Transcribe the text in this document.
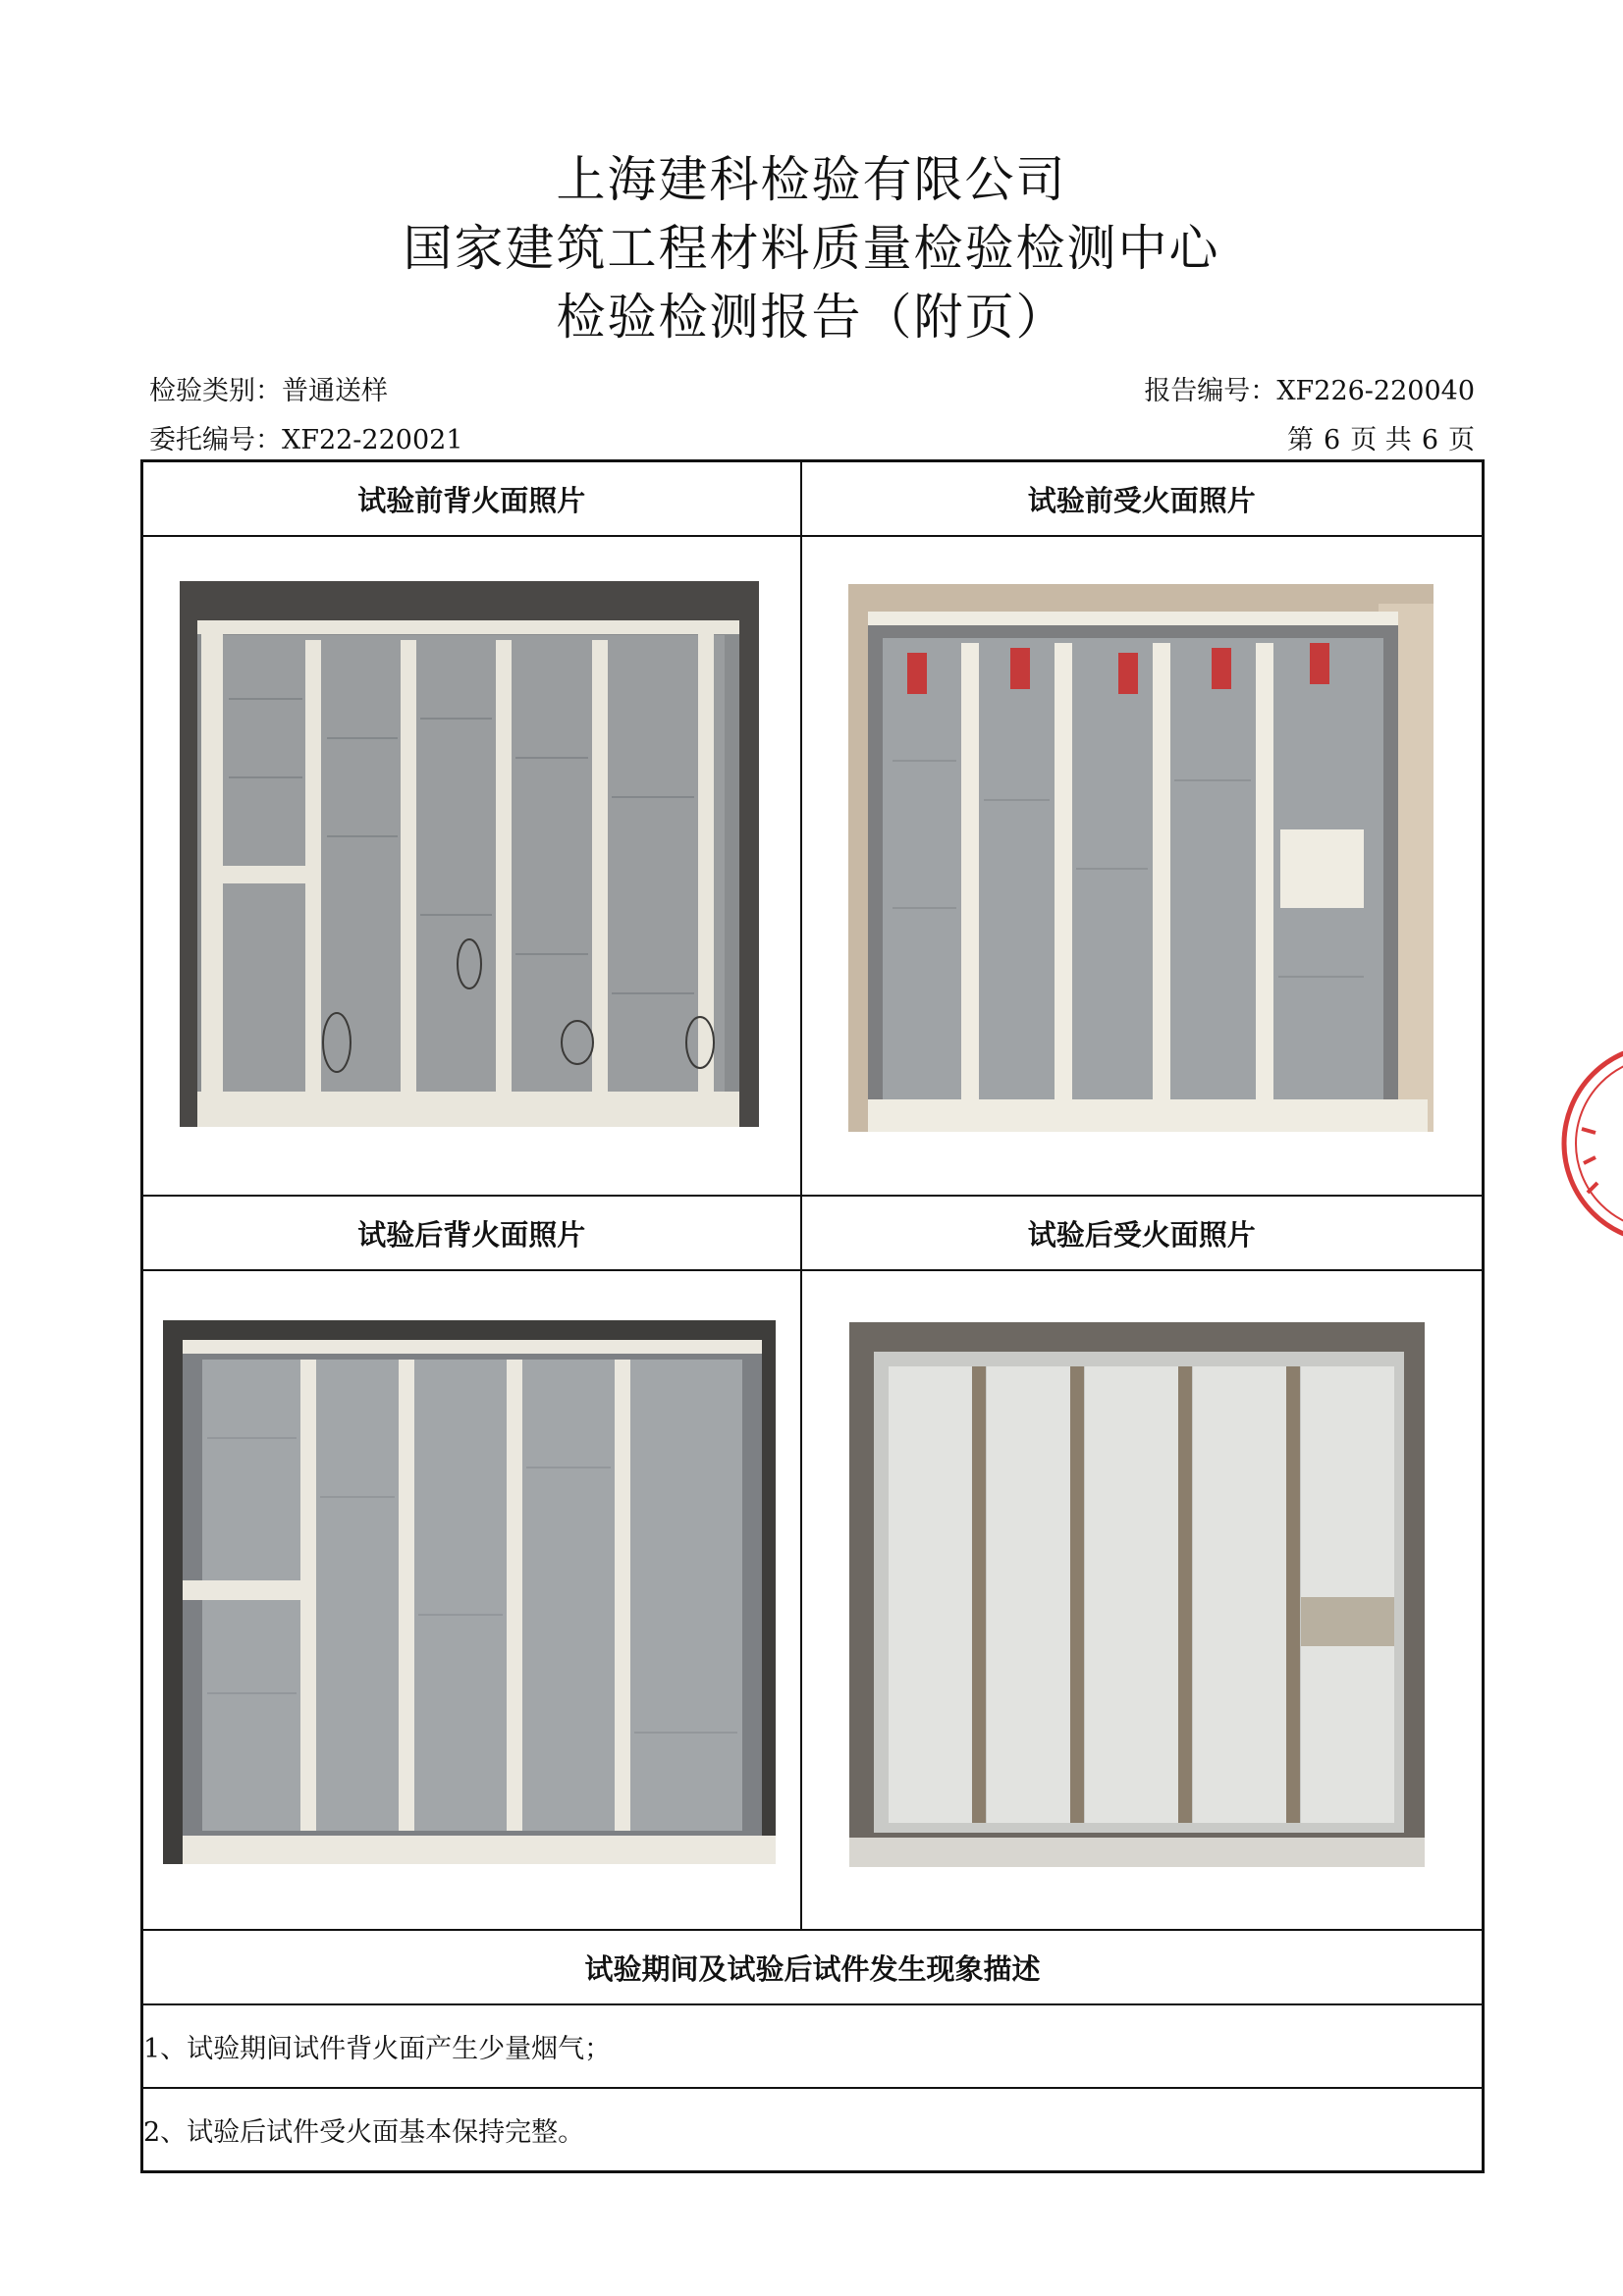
上海建科检验有限公司
国家建筑工程材料质量检验检测中心
检验检测报告（附页）
检验类别：普通送样	报告编号：XF226-220040
委托编号：XF22-220021	第 6 页 共 6 页
试验前背火面照片	试验前受火面照片

试验后背火面照片	试验后受火面照片

试验期间及试验后试件发生现象描述	
1、试验期间试件背火面产生少量烟气；	
2、试验后试件受火面基本保持完整。	
